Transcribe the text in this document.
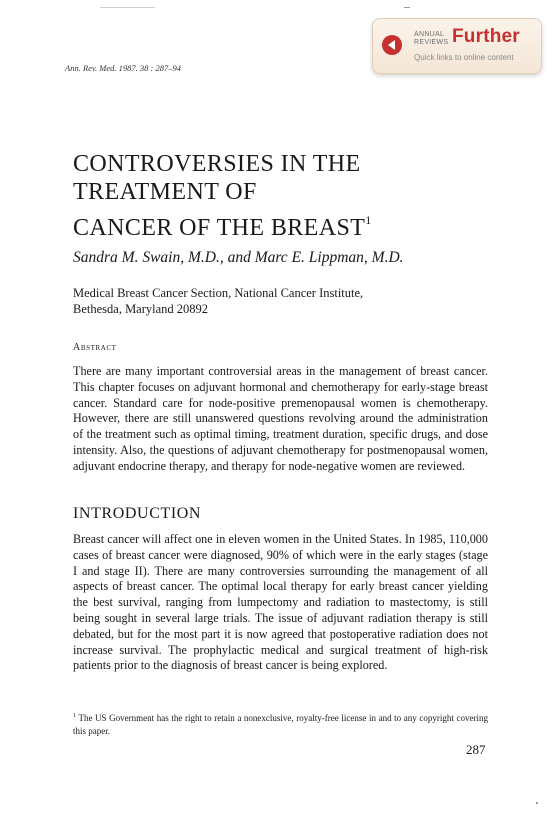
ANNUAL
REVIEWS Further
Quick links to online content
Ann. Rev. Med. 1987. 38 : 287–94
CONTROVERSIES IN THE
TREATMENT OF
CANCER OF THE BREAST$^1$
Sandra M. Swain, M.D., and Marc E. Lippman, M.D.
Medical Breast Cancer Section, National Cancer Institute,
Bethesda, Maryland 20892
Abstract

There are many important controversial areas in the management of breast cancer. This chapter focuses on adjuvant hormonal and chemotherapy for early-stage breast cancer. Standard care for node-positive premenopausal women is chemotherapy. However, there are still unanswered questions revolving around the administration of the treatment such as optimal timing, treatment duration, specific drugs, and dose intensity. Also, the questions of adjuvant chemotherapy for postmenopausal women, adjuvant endocrine therapy, and therapy for node-negative women are reviewed.

INTRODUCTION

Breast cancer will affect one in eleven women in the United States. In 1985, 110,000 cases of breast cancer were diagnosed, 90% of which were in the early stages (stage I and stage II). There are many controversies surrounding the management of all aspects of breast cancer. The optimal local therapy for early breast cancer yielding the best survival, ranging from lumpectomy and radiation to mastectomy, is still being sought in several large trials. The issue of adjuvant radiation therapy is still debated, but for the most part it is now agreed that postoperative radiation does not increase survival. The prophylactic medical and surgical treatment of high-risk patients prior to the diagnosis of breast cancer is being explored.

$^1$ The US Government has the right to retain a nonexclusive, royalty-free license in and to any copyright covering this paper.

287
